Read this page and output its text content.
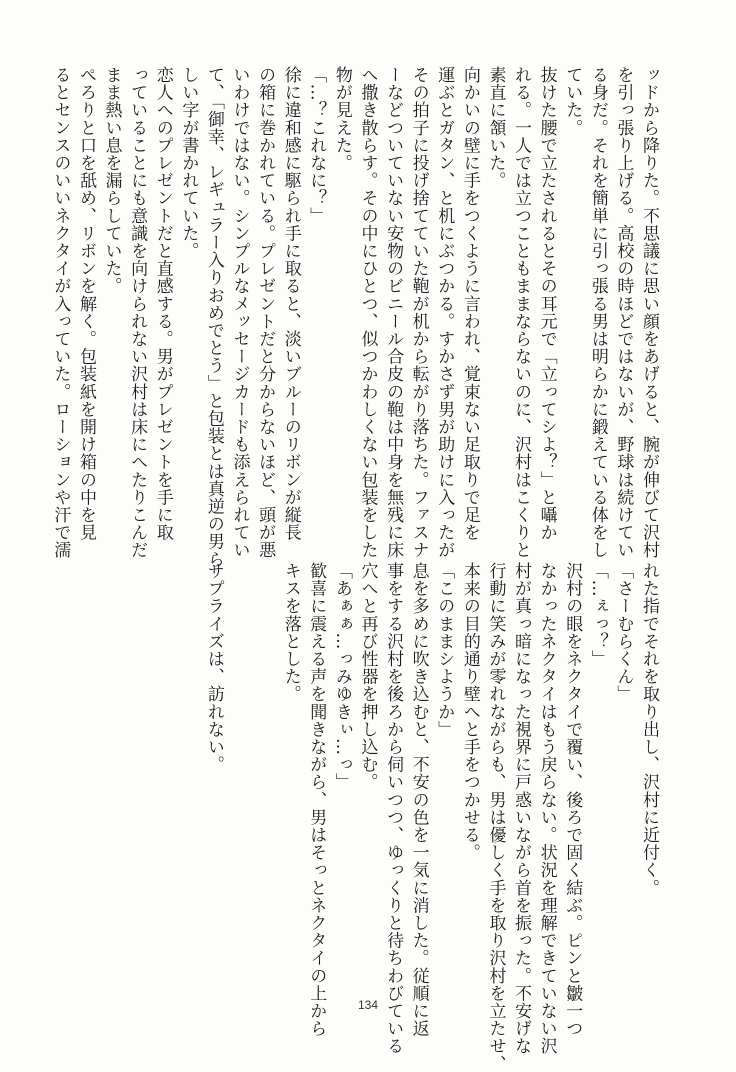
ッドから降りた。不思議に思い顔をあげると、腕が伸びて沢村
を引っ張り上げる。高校の時ほどではないが、野球は続けてい
る身だ。それを簡単に引っ張る男は明らかに鍛えている体をし
ていた。
抜けた腰で立たされるとその耳元で「立ってシよ？」と囁か
れる。一人では立つこともままならないのに、沢村はこくりと
素直に頷いた。
向かいの壁に手をつくように言われ、覚束ない足取りで足を
運ぶとガタン、と机にぶつかる。すかさず男が助けに入ったが
その拍子に投げ捨てていた鞄が机から転がり落ちた。ファスナ
ーなどついていない安物のビニール合皮の鞄は中身を無残に床
へ撒き散らす。その中にひとつ、似つかわしくない包装をした
物が見えた。
「…？これなに？」
徐に違和感に駆られ手に取ると、淡いブルーのリボンが縦長
の箱に巻かれている。プレゼントだと分からないほど、頭が悪
いわけではない。シンプルなメッセージカードも添えられてい
て、「御幸、レギュラー入りおめでとう」と包装とは真逆の男ら
しい字が書かれていた。
恋人へのプレゼントだと直感する。男がプレゼントを手に取
っていることにも意識を向けられない沢村は床にへたりこんだ
まま熱い息を漏らしていた。
ぺろりと口を舐め、リボンを解く。包装紙を開け箱の中を見
るとセンスのいいネクタイが入っていた。ローションや汗で濡
れた指でそれを取り出し、沢村に近付く。
「さーむらくん」
「…ぇっ？」
沢村の眼をネクタイで覆い、後ろで固く結ぶ。ピンと皺一つ
なかったネクタイはもう戻らない。状況を理解できていない沢
村が真っ暗になった視界に戸惑いながら首を振った。不安げな
行動に笑みが零れながらも、男は優しく手を取り沢村を立たせ、
本来の目的通り壁へと手をつかせる。
「このままシようか」
息を多めに吹き込むと、不安の色を一気に消した。従順に返
事をする沢村を後ろから伺いつつ、ゆっくりと待ちわびている
穴へと再び性器を押し込む。
「あぁぁ…っみゆきぃ…っ」
歓喜に震える声を聞きながら、男はそっとネクタイの上から
キスを落とした。
サプライズは、訪れない。
134
